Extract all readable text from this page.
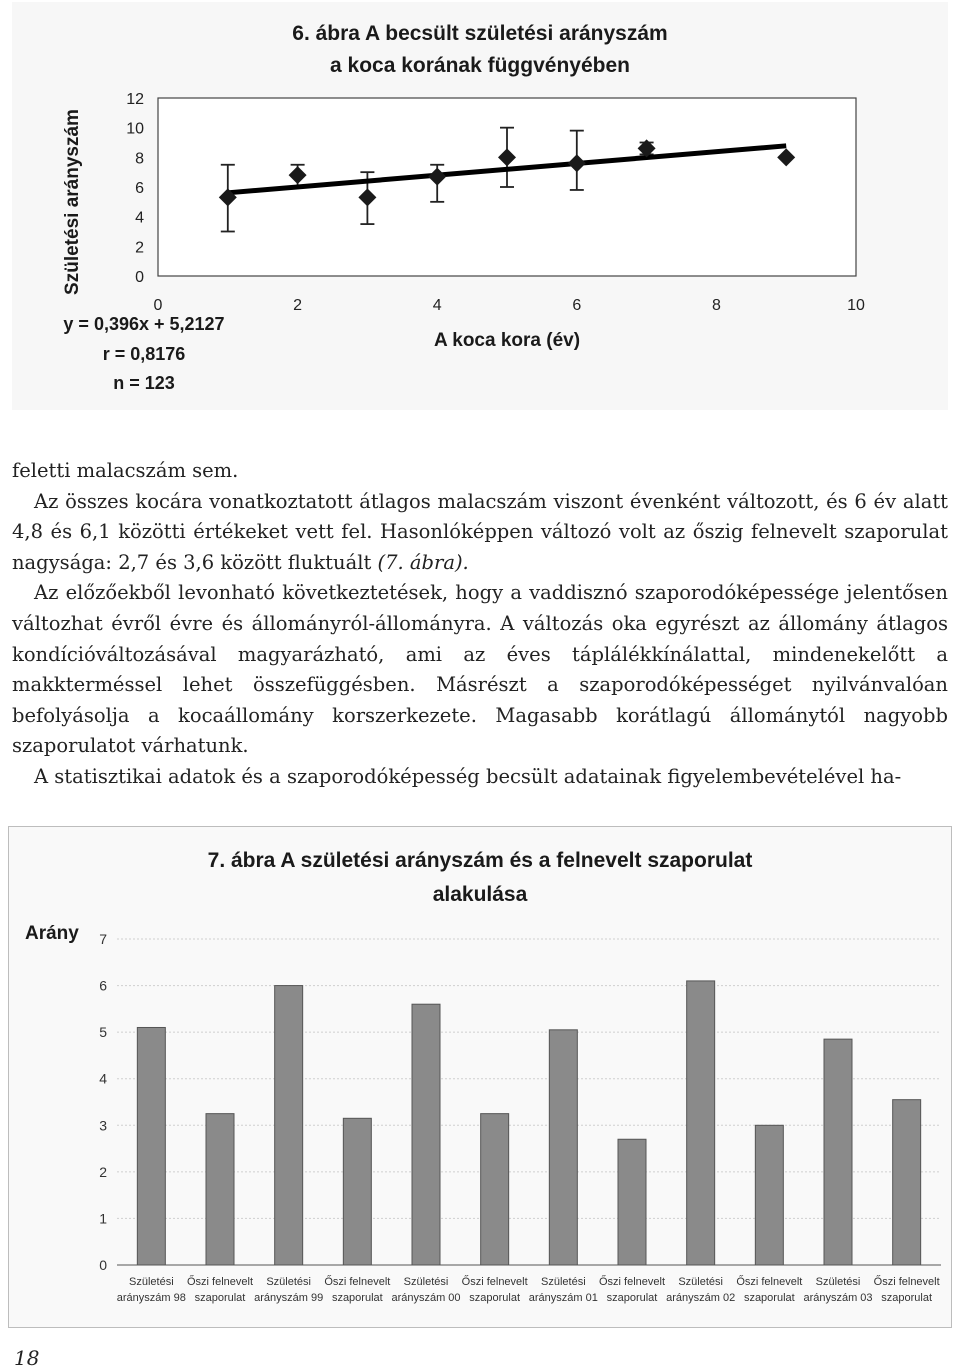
6. ábra A becsült születési arányszám
a koca korának függvényében
Születési arányszám
A koca kora (év)
y = 0,396x + 5,2127
r = 0,8176
n = 123
0
2
4
6
8
10
12
0	2	4	6	8	10

feletti malacszám sem.

Az összes kocára vonatkoztatott átlagos malacszám viszont évenként változott, és 6 év alatt 4,8 és 6,1 közötti értékeket vett fel. Hasonlóképpen változó volt az őszig felnevelt szaporulat nagysága: 2,7 és 3,6 között fluktuált (7. ábra).

Az előzőekből levonható következtetések, hogy a vaddisznó szaporodóképessége jelentősen változhat évről évre és állományról-állományra. A változás oka egyrészt az állomány átlagos kondícióváltozásával magyarázható, ami az éves táplálékkínálattal, mindenekelőtt a makkterméssel lehet összefüggésben. Másrészt a szaporodóképességet nyilvánvalóan befolyásolja a kocaállomány korszerkezete. Magasabb korátlagú állománytól nagyobb szaporulatot várhatunk.

A statisztikai adatok és a szaporodóképesség becsült adatainak figyelembevételével ha-

7. ábra A születési arányszám és a felnevelt szaporulat
alakulása
Arány
0
1
2
3
4
5
6
7
Születési
arányszám 98
Őszi felnevelt
szaporulat
Születési
arányszám 99
Őszi felnevelt
szaporulat
Születési
arányszám 00
Őszi felnevelt
szaporulat
Születési
arányszám 01
Őszi felnevelt
szaporulat
Születési
arányszám 02
Őszi felnevelt
szaporulat
Születési
arányszám 03
Őszi felnevelt
szaporulat
18
